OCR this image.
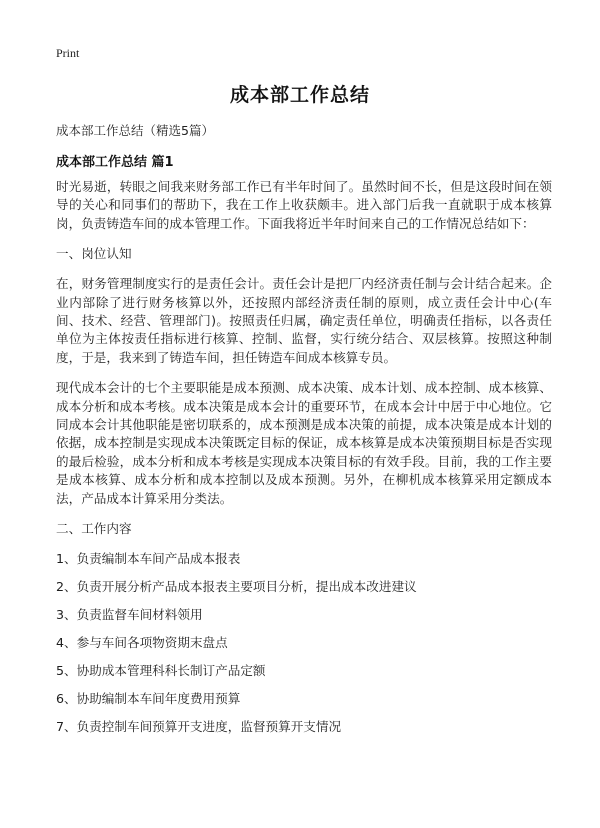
Print
成本部工作总结

成本部工作总结（精选5篇）

成本部工作总结 篇1

时光易逝，转眼之间我来财务部工作已有半年时间了。虽然时间不长，但是这段时间在领导的关心和同事们的帮助下，我在工作上收获颇丰。进入部门后我一直就职于成本核算岗，负责铸造车间的成本管理工作。下面我将近半年时间来自己的工作情况总结如下：

一、岗位认知

在，财务管理制度实行的是责任会计。责任会计是把厂内经济责任制与会计结合起来。企业内部除了进行财务核算以外，还按照内部经济责任制的原则，成立责任会计中心(车间、技术、经营、管理部门)。按照责任归属，确定责任单位，明确责任指标，以各责任单位为主体按责任指标进行核算、控制、监督，实行统分结合、双层核算。按照这种制度，于是，我来到了铸造车间，担任铸造车间成本核算专员。

现代成本会计的七个主要职能是成本预测、成本决策、成本计划、成本控制、成本核算、成本分析和成本考核。成本决策是成本会计的重要环节，在成本会计中居于中心地位。它同成本会计其他职能是密切联系的，成本预测是成本决策的前提，成本决策是成本计划的依据，成本控制是实现成本决策既定目标的保证，成本核算是成本决策预期目标是否实现的最后检验，成本分析和成本考核是实现成本决策目标的有效手段。目前，我的工作主要是成本核算、成本分析和成本控制以及成本预测。另外，在柳机成本核算采用定额成本法，产品成本计算采用分类法。

二、工作内容

1、负责编制本车间产品成本报表

2、负责开展分析产品成本报表主要项目分析，提出成本改进建议

3、负责监督车间材料领用

4、参与车间各项物资期末盘点

5、协助成本管理科科长制订产品定额

6、协助编制本车间年度费用预算

7、负责控制车间预算开支进度，监督预算开支情况
